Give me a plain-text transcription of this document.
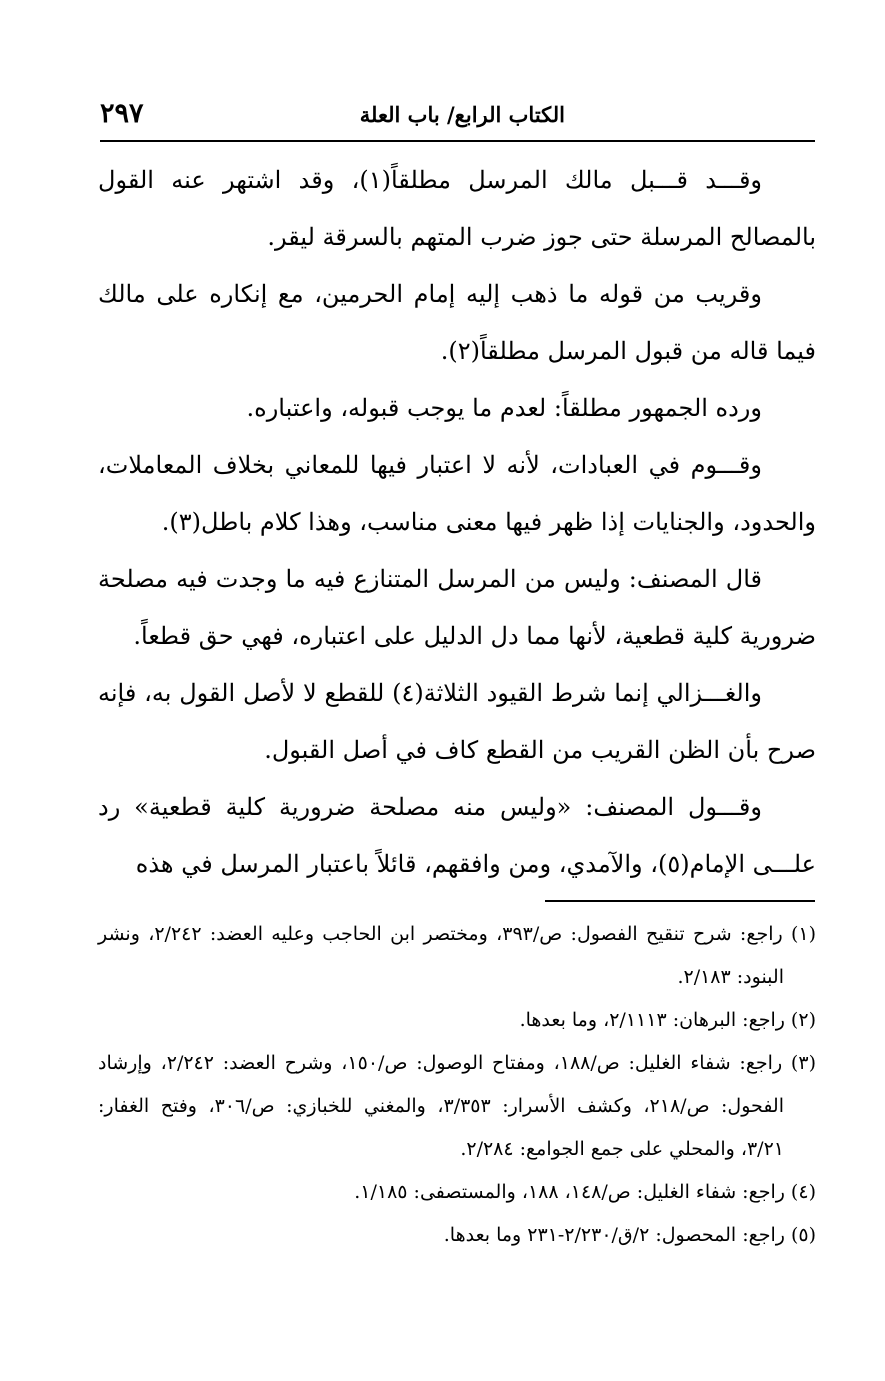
الكتاب الرابع/ باب العلة
٢٩٧

وقـــد قـــبل مالك المرسل مطلقاً(١)، وقد اشتهر عنه القول بالمصالح المرسلة حتى جوز ضرب المتهم بالسرقة ليقر.

وقريب من قوله ما ذهب إليه إمام الحرمين، مع إنكاره على مالك فيما قاله من قبول المرسل مطلقاً(٢).

ورده الجمهور مطلقاً: لعدم ما يوجب قبوله، واعتباره.

وقـــوم في العبادات، لأنه لا اعتبار فيها للمعاني بخلاف المعاملات، والحدود، والجنايات إذا ظهر فيها معنى مناسب، وهذا كلام باطل(٣).

قال المصنف: وليس من المرسل المتنازع فيه ما وجدت فيه مصلحة ضرورية كلية قطعية، لأنها مما دل الدليل على اعتباره، فهي حق قطعاً.

والغـــزالي إنما شرط القيود الثلاثة(٤) للقطع لا لأصل القول به، فإنه صرح بأن الظن القريب من القطع كاف في أصل القبول.

وقـــول المصنف: «وليس منه مصلحة ضرورية كلية قطعية» رد علـــى الإمام(٥)، والآمدي، ومن وافقهم، قائلاً باعتبار المرسل في هذه

(١) راجع: شرح تنقيح الفصول: ص/٣٩٣، ومختصر ابن الحاجب وعليه العضد: ٢/٢٤٢، ونشر البنود: ٢/١٨٣.

(٢) راجع: البرهان: ٢/١١١٣، وما بعدها.

(٣) راجع: شفاء الغليل: ص/١٨٨، ومفتاح الوصول: ص/١٥٠، وشرح العضد: ٢/٢٤٢، وإرشاد الفحول: ص/٢١٨، وكشف الأسرار: ٣/٣٥٣، والمغني للخبازي: ص/٣٠٦، وفتح الغفار: ٣/٢١، والمحلي على جمع الجوامع: ٢/٢٨٤.

(٤) راجع: شفاء الغليل: ص/١٤٨، ١٨٨، والمستصفى: ١/١٨٥.

(٥) راجع: المحصول: ٢/ق/٢/٢٣٠-٢٣١ وما بعدها.
